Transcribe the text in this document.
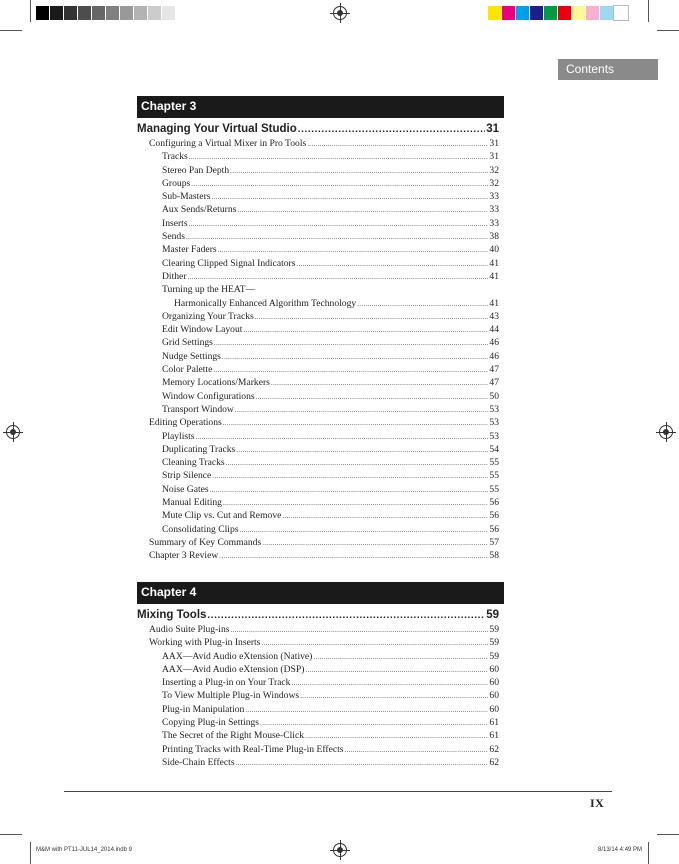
Contents
Chapter 3
Managing Your Virtual Studio .....	31
Configuring a Virtual Mixer in Pro Tools .....	31
Tracks .....	31
Stereo Pan Depth .....	32
Groups .....	32
Sub-Masters .....	33
Aux Sends/Returns .....	33
Inserts .....	33
Sends .....	38
Master Faders .....	40
Clearing Clipped Signal Indicators .....	41
Dither .....	41
Turning up the HEAT—
Harmonically Enhanced Algorithm Technology .....	41
Organizing Your Tracks .....	43
Edit Window Layout .....	44
Grid Settings .....	46
Nudge Settings .....	46
Color Palette .....	47
Memory Locations/Markers .....	47
Window Configurations .....	50
Transport Window .....	53
Editing Operations .....	53
Playlists .....	53
Duplicating Tracks .....	54
Cleaning Tracks .....	55
Strip Silence .....	55
Noise Gates .....	55
Manual Editing .....	56
Mute Clip vs. Cut and Remove .....	56
Consolidating Clips .....	56
Summary of Key Commands .....	57
Chapter 3 Review .....	58
Chapter 4
Mixing Tools .....	59
Audio Suite Plug-ins .....	59
Working with Plug-in Inserts .....	59
AAX—Avid Audio eXtension (Native) .....	59
AAX—Avid Audio eXtension (DSP) .....	60
Inserting a Plug-in on Your Track .....	60
To View Multiple Plug-in Windows .....	60
Plug-in Manipulation .....	60
Copying Plug-in Settings .....	61
The Secret of the Right Mouse-Click .....	61
Printing Tracks with Real-Time Plug-in Effects .....	62
Side-Chain Effects .....	62
IX
M&M with PT11-JUL14_2014.indb 9	8/13/14 4:49 PM
